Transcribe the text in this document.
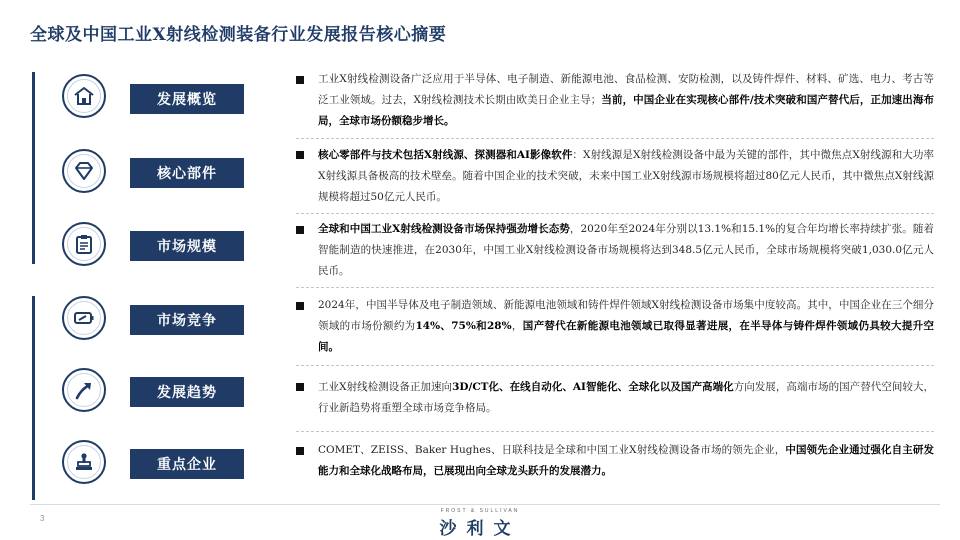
全球及中国工业X射线检测装备行业发展报告核心摘要
发展概览
工业X射线检测设备广泛应用于半导体、电子制造、新能源电池、食品检测、安防检测，以及铸件焊件、材料、矿选、电力、考古等泛工业领域。过去，X射线检测技术长期由欧美日企业主导；当前，中国企业在实现核心部件/技术突破和国产替代后，正加速出海布局，全球市场份额稳步增长。
核心部件
核心零部件与技术包括X射线源、探测器和AI影像软件：X射线源是X射线检测设备中最为关键的部件，其中微焦点X射线源和大功率X射线源具备极高的技术壁垒。随着中国企业的技术突破，未来中国工业X射线源市场规模将超过80亿元人民币，其中微焦点X射线源规模将超过50亿元人民币。
市场规模
全球和中国工业X射线检测设备市场保持强劲增长态势，2020年至2024年分别以13.1%和15.1%的复合年均增长率持续扩张。随着智能制造的快速推进，在2030年，中国工业X射线检测设备市场规模将达到348.5亿元人民币，全球市场规模将突破1,030.0亿元人民币。
市场竞争
2024年，中国半导体及电子制造领域、新能源电池领域和铸件焊件领域X射线检测设备市场集中度较高。其中，中国企业在三个细分领域的市场份额约为14%、75%和28%，国产替代在新能源电池领域已取得显著进展，在半导体与铸件焊件领域仍具较大提升空间。
发展趋势	工业X射线检测设备正加速向3D/CT化、在线自动化、AI智能化、全球化以及国产高端化方向发展，高端市场的国产替代空间较大，行业新趋势将重塑全球市场竞争格局。
重点企业
COMET、ZEISS、Baker Hughes、日联科技是全球和中国工业X射线检测设备市场的领先企业，中国领先企业通过强化自主研发能力和全球化战略布局，已展现出向全球龙头跃升的发展潜力。
3
FROST & SULLIVAN
沙利文
